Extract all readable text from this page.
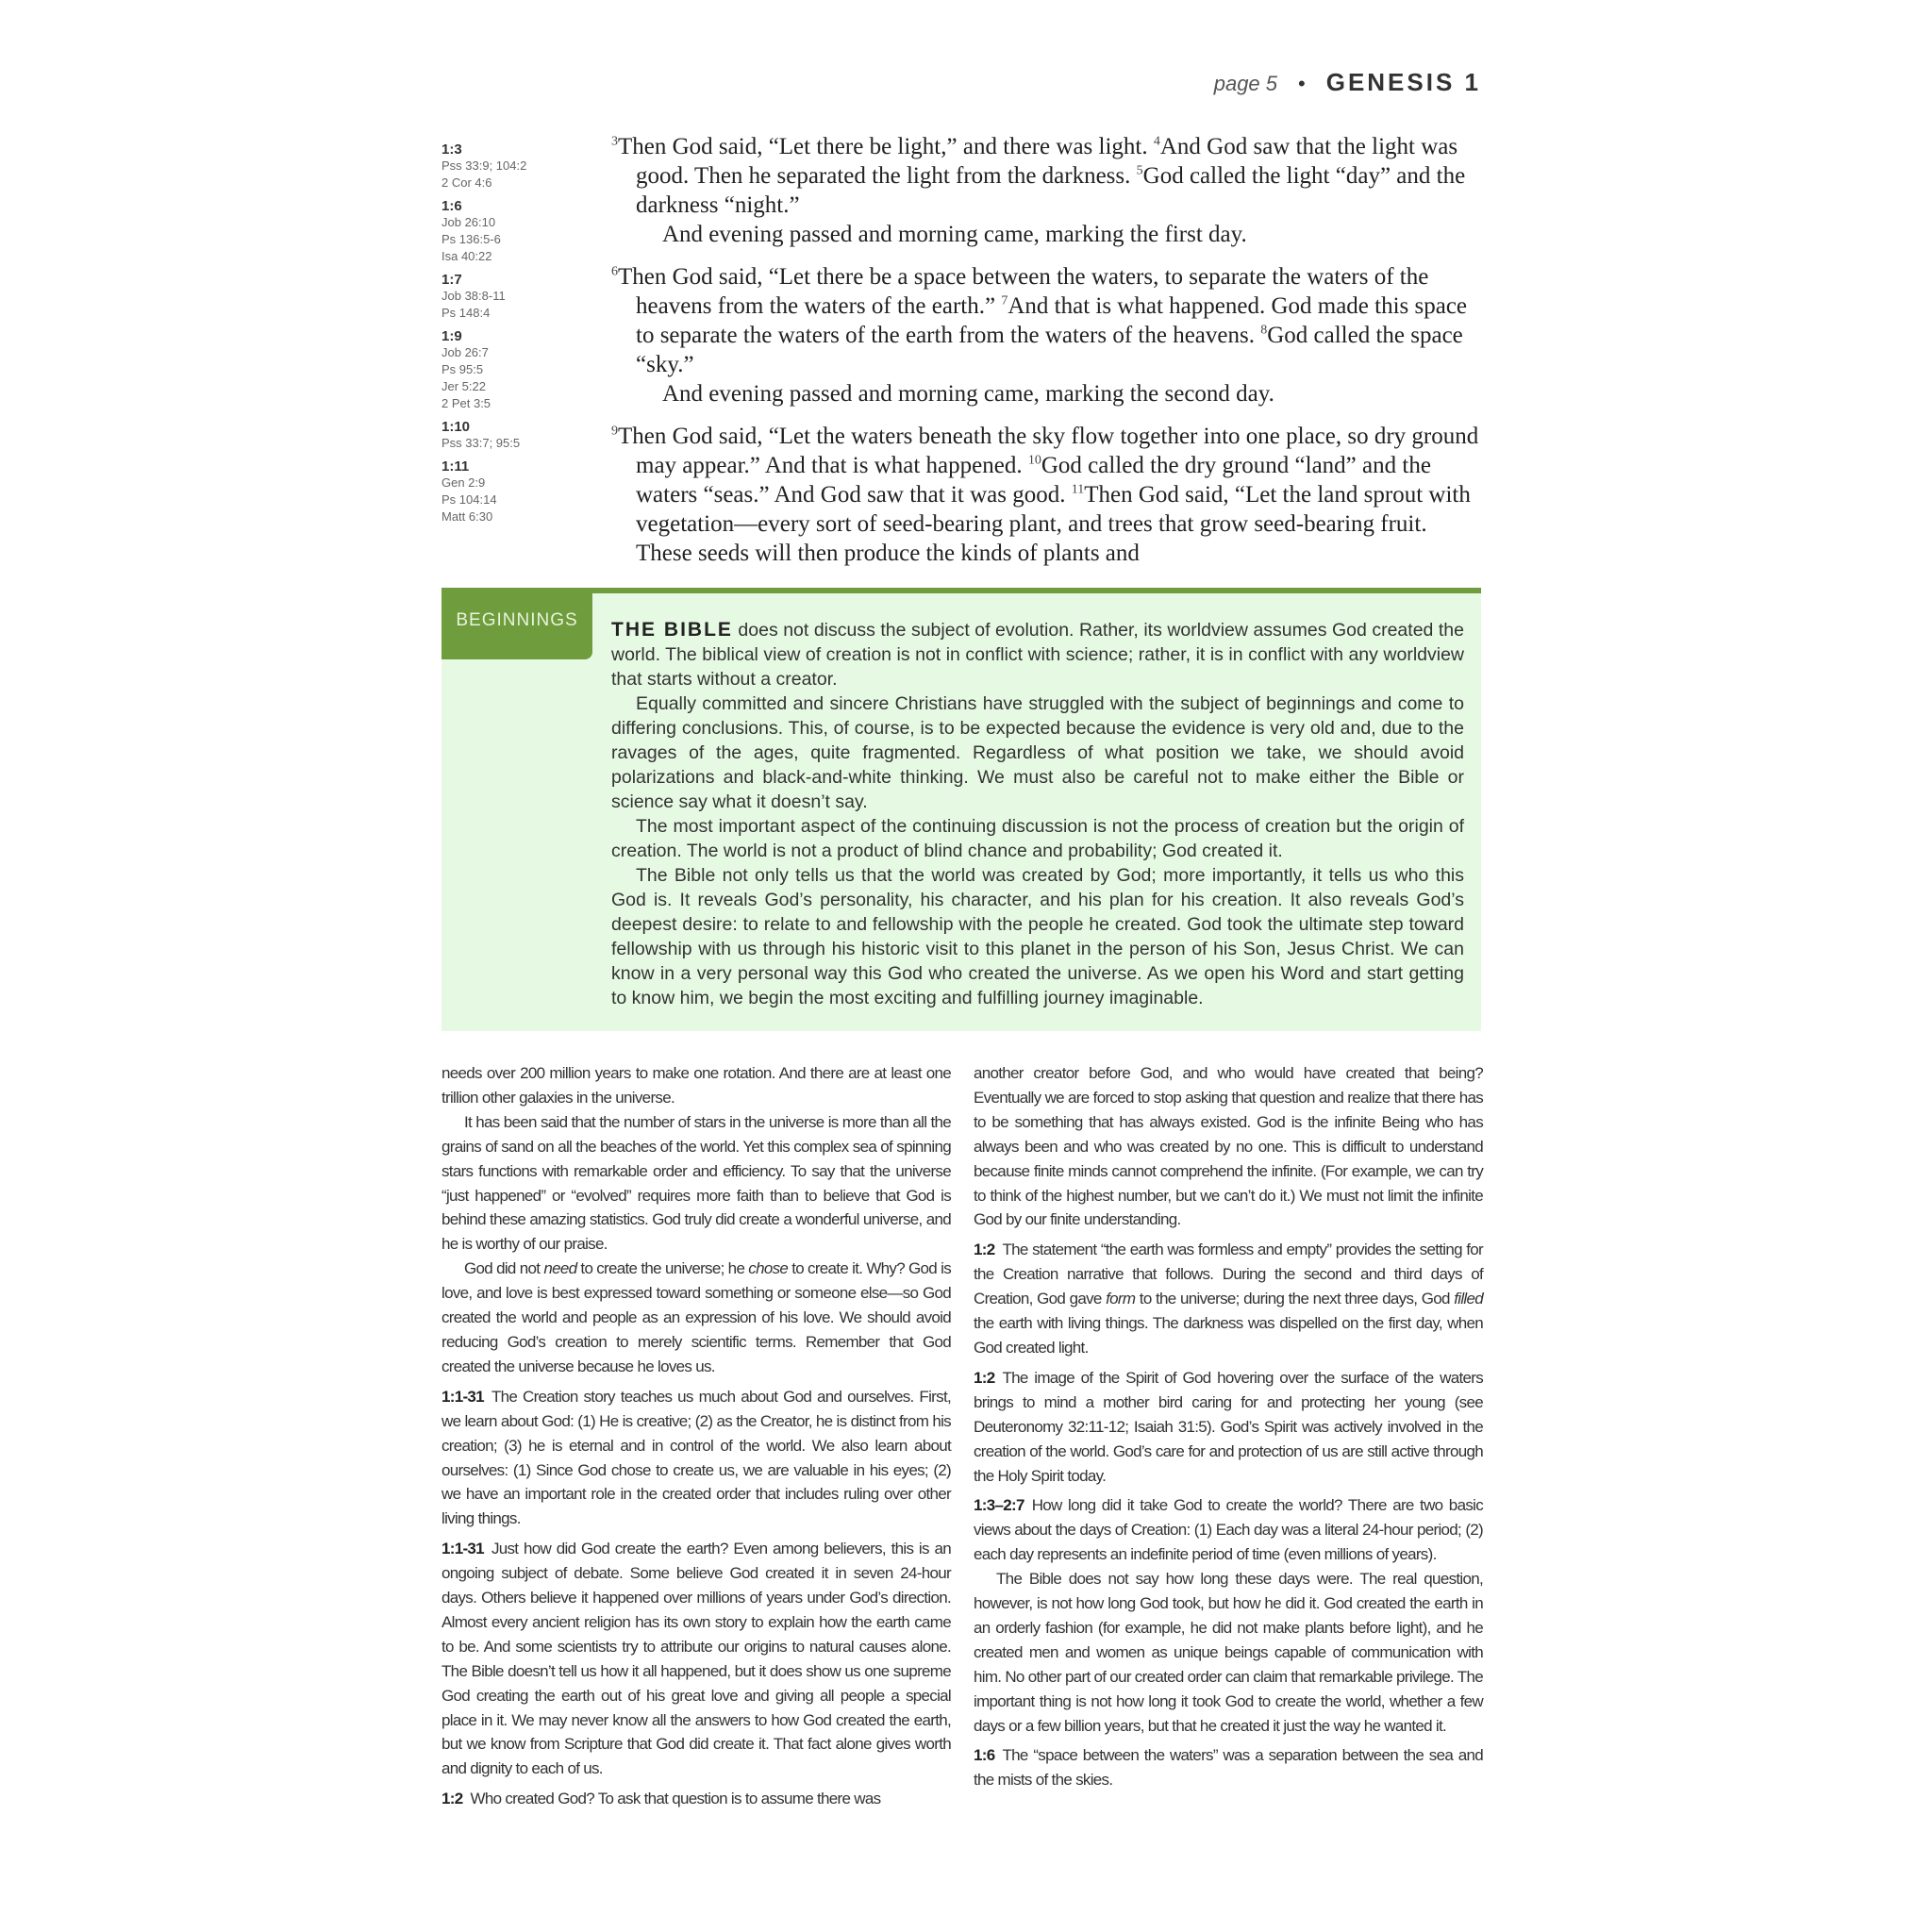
page 5 • GENESIS 1
1:3
Pss 33:9; 104:2
2 Cor 4:6
1:6
Job 26:10
Ps 136:5-6
Isa 40:22
1:7
Job 38:8-11
Ps 148:4
1:9
Job 26:7
Ps 95:5
Jer 5:22
2 Pet 3:5
1:10
Pss 33:7; 95:5
1:11
Gen 2:9
Ps 104:14
Matt 6:30

$^3$Then God said, “Let there be light,” and there was light. $^4$And God saw that the light was good. Then he separated the light from the darkness. $^5$God called the light “day” and the darkness “night.”
And evening passed and morning came, marking the first day.

$^6$Then God said, “Let there be a space between the waters, to separate the waters of the heavens from the waters of the earth.” $^7$And that is what happened. God made this space to separate the waters of the earth from the waters of the heavens. $^8$God called the space “sky.”
And evening passed and morning came, marking the second day.

$^9$Then God said, “Let the waters beneath the sky flow together into one place, so dry ground may appear.” And that is what happened. $^{10}$God called the dry ground “land” and the waters “seas.” And God saw that it was good. $^{11}$Then God said, “Let the land sprout with vegetation—every sort of seed-bearing plant, and trees that grow seed-bearing fruit. These seeds will then produce the kinds of plants and

BEGINNINGS	THE BIBLE does not discuss the subject of evolution. Rather, its worldview assumes God created the world. The biblical view of creation is not in conflict with science; rather, it is in conflict with any worldview that starts without a creator.

Equally committed and sincere Christians have struggled with the subject of beginnings and come to differing conclusions. This, of course, is to be expected because the evidence is very old and, due to the ravages of the ages, quite fragmented. Regardless of what position we take, we should avoid polarizations and black-and-white thinking. We must also be careful not to make either the Bible or science say what it doesn’t say.

The most important aspect of the continuing discussion is not the process of creation but the origin of creation. The world is not a product of blind chance and probability; God created it.

The Bible not only tells us that the world was created by God; more importantly, it tells us who this God is. It reveals God’s personality, his character, and his plan for his creation. It also reveals God’s deepest desire: to relate to and fellowship with the people he created. God took the ultimate step toward fellowship with us through his historic visit to this planet in the person of his Son, Jesus Christ. We can know in a very personal way this God who created the universe. As we open his Word and start getting to know him, we begin the most exciting and fulfilling journey imaginable.

needs over 200 million years to make one rotation. And there are at least one trillion other galaxies in the universe.

It has been said that the number of stars in the universe is more than all the grains of sand on all the beaches of the world. Yet this complex sea of spinning stars functions with remarkable order and efficiency. To say that the universe “just happened” or “evolved” requires more faith than to believe that God is behind these amazing statistics. God truly did create a wonderful universe, and he is worthy of our praise.

God did not need to create the universe; he chose to create it. Why? God is love, and love is best expressed toward something or someone else—so God created the world and people as an expression of his love. We should avoid reducing God’s creation to merely scientific terms. Remember that God created the universe because he loves us.

1:1-31 The Creation story teaches us much about God and ourselves. First, we learn about God: (1) He is creative; (2) as the Creator, he is distinct from his creation; (3) he is eternal and in control of the world. We also learn about ourselves: (1) Since God chose to create us, we are valuable in his eyes; (2) we have an important role in the created order that includes ruling over other living things.

1:1-31 Just how did God create the earth? Even among believers, this is an ongoing subject of debate. Some believe God created it in seven 24-hour days. Others believe it happened over millions of years under God’s direction. Almost every ancient religion has its own story to explain how the earth came to be. And some scientists try to attribute our origins to natural causes alone. The Bible doesn’t tell us how it all happened, but it does show us one supreme God creating the earth out of his great love and giving all people a special place in it. We may never know all the answers to how God created the earth, but we know from Scripture that God did create it. That fact alone gives worth and dignity to each of us.

1:2 Who created God? To ask that question is to assume there was

another creator before God, and who would have created that being? Eventually we are forced to stop asking that question and realize that there has to be something that has always existed. God is the infinite Being who has always been and who was created by no one. This is difficult to understand because finite minds cannot comprehend the infinite. (For example, we can try to think of the highest number, but we can’t do it.) We must not limit the infinite God by our finite understanding.

1:2 The statement “the earth was formless and empty” provides the setting for the Creation narrative that follows. During the second and third days of Creation, God gave form to the universe; during the next three days, God filled the earth with living things. The darkness was dispelled on the first day, when God created light.

1:2 The image of the Spirit of God hovering over the surface of the waters brings to mind a mother bird caring for and protecting her young (see Deuteronomy 32:11-12; Isaiah 31:5). God’s Spirit was actively involved in the creation of the world. God’s care for and protection of us are still active through the Holy Spirit today.

1:3–2:7 How long did it take God to create the world? There are two basic views about the days of Creation: (1) Each day was a literal 24-hour period; (2) each day represents an indefinite period of time (even millions of years).

The Bible does not say how long these days were. The real question, however, is not how long God took, but how he did it. God created the earth in an orderly fashion (for example, he did not make plants before light), and he created men and women as unique beings capable of communication with him. No other part of our created order can claim that remarkable privilege. The important thing is not how long it took God to create the world, whether a few days or a few billion years, but that he created it just the way he wanted it.

1:6 The “space between the waters” was a separation between the sea and the mists of the skies.
